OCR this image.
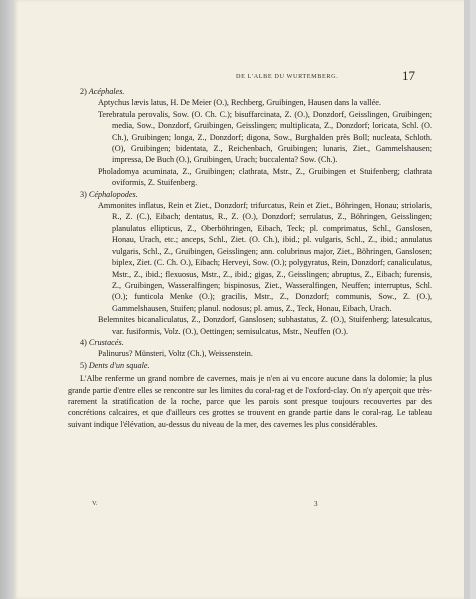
DE L'ALBE DU WURTEMBERG.	17
2) Acéphales.
Aptychus lævis latus, H. De Meier (O.), Rechberg, Gruibingen, Hausen dans la vallée.
Terebratula perovalis, Sow. (O. Ch. C.); bisuffarcinata, Z. (O.), Donzdorf, Geisslingen, Gruibingen; media, Sow., Donzdorf, Gruibingen, Geisslingen; multiplicata, Z., Donzdorf; loricata, Schl. (O. Ch.), Gruibingen; longa, Z., Donzdorf; digona, Sow., Burghalden près Boll; nucleata, Schloth. (O), Gruibingen; bidentata, Z., Reichenbach, Gruibingen; lunaris, Ziet., Gammelshausen; impressa, De Buch (O.), Gruibingen, Urach; buccalenta? Sow. (Ch.).
Pholadomya acuminata, Z., Gruibingen; clathrata, Mstr., Z., Gruibingen et Stuifenberg; clathrata oviformis, Z. Stuifenberg.
3) Céphalopodes.
Ammonites inflatus, Rein et Ziet., Donzdorf; trifurcatus, Rein et Ziet., Böhringen, Honau; striolaris, R., Z. (C.), Eibach; dentatus, R., Z. (O.), Donzdorf; serrulatus, Z., Böhringen, Geisslingen; planulatus ellipticus, Z., Oberböhringen, Eibach, Teck; pl. comprimatus, Schl., Ganslosen, Honau, Urach, etc.; anceps, Schl., Ziet. (O. Ch.), ibid.; pl. vulgaris, Schl., Z., ibid.; annulatus vulgaris, Schl., Z., Gruibingen, Geisslingen; ann. colubrinus major, Ziet., Böhringen, Ganslosen; biplex, Ziet. (C. Ch. O.), Eibach; Herveyi, Sow. (O.); polygyratus, Rein, Donzdorf; canaliculatus, Mstr., Z., ibid.; flexuosus, Mstr., Z., ibid.; gigas, Z., Geisslingen; abruptus, Z., Eibach; furensis, Z., Gruibingen, Wasseralfingen; bispinosus, Ziet., Wasseralfingen, Neuffen; interruptus, Schl. (O.); funticola Menke (O.); gracilis, Mstr., Z., Donzdorf; communis, Sow., Z. (O.), Gammelshausen, Stuifen; planul. nodosus; pl. amus, Z., Teck, Honau, Eibach, Urach.
Belemnites bicanaliculatus, Z., Donzdorf, Ganslosen; subhastatus, Z. (O.), Stuifenberg; latesulcatus, var. fusiformis, Volz. (O.), Oettingen; semisulcatus, Mstr., Neuffen (O.).
4) Crustacés.
Palinurus? Münsteri, Voltz (Ch.), Weissenstein.
5) Dents d'un squale.

L'Albe renferme un grand nombre de cavernes, mais je n'en ai vu encore aucune dans la dolomie; la plus grande partie d'entre elles se rencontre sur les limites du coral-rag et de l'oxford-clay. On n'y aperçoit que très-rarement la stratification de la roche, parce que les parois sont presque toujours recouvertes par des concrétions calcaires, et que d'ailleurs ces grottes se trouvent en grande partie dans le coral-rag. Le tableau suivant indique l'élévation, au-dessus du niveau de la mer, des cavernes les plus considérables.

V.	3
